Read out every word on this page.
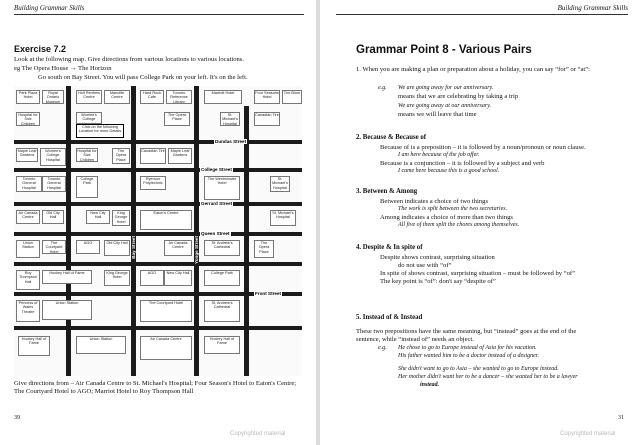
Building Grammar Skills
Exercise 7.2
Look at the following map. Give directions from various locations to various locations.
eg The Opera House → The Horizon
Go south on Bay Street. You will pass College Park on your left. It's on the left.
Dundas Street
College Street
Gerrard Street
Queen Street
Front Street
Bay Street	Yonge Street
Park Plaza Hotel
Royal Ontario Museum
Holt Renfrew Centre
Manulife Centre
Hard Rock Cafe
Toronto Reference Library
Marriott Hotel	Four Seasons Hotel
The Bloor
Hospital for Sick Children
Women's College Hospital
Click on the following Location for more Details
The Opera Place
St. Michael's Hospital
Canadian Tire
Maple Leaf Gardens
Women's College Hospital
Hospital for Sick Children
The Opera Place
Canadian Tire	Maple Leaf Gardens
Toronto General Hospital
Toronto General Hospital
College Park
Ryerson Polytechnic
The Westminster Hotel
St. Michael's Hospital
Air Canada Centre
Old City Hall
New City Hall
King George Hotel
Eaton's Centre	St. Michael's Hospital
Union Station
The Courtyard Hotel
AGO	Old City Hall	Air Canada Centre
St. Andrew's Cathedral
The Opera Place
Roy Thompson Hall
Hockey Hall of Fame	King George Hotel
AGO	New City Hall	College Park
Princess of Wales Theatre
Union Station	The Courtyard Hotel	St. Andrew's Cathedral
Hockey Hall of Fame
Union Station	Air Canada Centre	Hockey Hall of Fame
Give directions from – Air Canada Centre to St. Michael's Hospital; Four Season's Hotel to Eaton's Centre; The Courtyard Hotel to AGO; Marriot Hotel to Roy Thompson Hall
39
Copyrighted material
Building Grammar Skills
31
Copyrighted material
Grammar Point 8 - Various Pairs
1. When you are making a plan or preparation about a holiday, you can say “for” or “at”:
e.g. We are going away for our anniversary.
means that we are celebrating by taking a trip
We are going away at our anniversary.
means we will leave that time
2. Because & Because of
Because of is a preposition – it is followed by a noun/pronoun or noun clause.
I am here because of the job offer.
Because is a conjunction – it is followed by a subject and verb
I came here because this is a good school.
3. Between & Among
Between indicates a choice of two things
The work is split between the two secretaries.
Among indicates a choice of more than two things
All five of them split the chores among themselves.
4. Despite & In spite of
Despite shows contrast, surprising situation
do not use with “of”
In spite of shows contrast, surprising situation – must be followed by “of”
The key point is “of”: don't say “despite of”
5. Instead of & Instead
These two prepositions have the same meaning, but “instead” goes at the end of the
sentence, while “instead of” needs an object.
e.g. He chose to go to Europe instead of Asia for his vacation.
His father wanted him to be a doctor instead of a designer.
She didn't want to go to Asia – she wanted to go to Europe instead.
Her mother didn't want her to be a dancer – she wanted her to be a lawyer
instead.
